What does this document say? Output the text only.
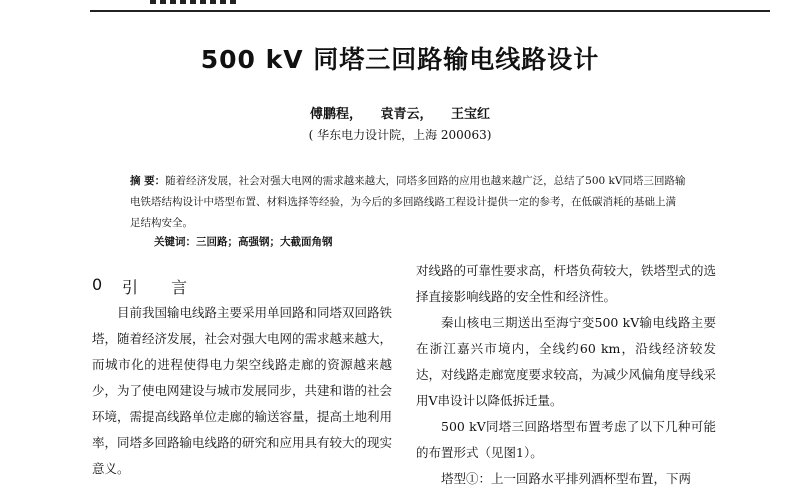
500 kV 同塔三回路输电线路设计
傅鹏程， 袁青云， 王宝红
( 华东电力设计院，上海 200063)

摘 要：随着经济发展，社会对强大电网的需求越来越大，同塔多回路的应用也越来越广泛，总结了500 kV同塔三回路输电铁塔结构设计中塔型布置、材料选择等经验，为今后的多回路线路工程设计提供一定的参考，在低碳消耗的基础上满足结构安全。

关键词：三回路；高强钢；大截面角钢
0 引 言

目前我国输电线路主要采用单回路和同塔双回路铁塔，随着经济发展，社会对强大电网的需求越来越大，而城市化的进程使得电力架空线路走廊的资源越来越少，为了使电网建设与城市发展同步，共建和谐的社会环境，需提高线路单位走廊的输送容量，提高土地利用率，同塔多回路输电线路的研究和应用具有较大的现实意义。

对线路的可靠性要求高，杆塔负荷较大，铁塔型式的选择直接影响线路的安全性和经济性。

秦山核电三期送出至海宁变500 kV输电线路主要在浙江嘉兴市境内，全线约60 km，沿线经济较发达，对线路走廊宽度要求较高，为减少风偏角度导线采用V串设计以降低拆迁量。

500 kV同塔三回路塔型布置考虑了以下几种可能的布置形式（见图1）。

塔型①：上一回路水平排列酒杯型布置，下两
